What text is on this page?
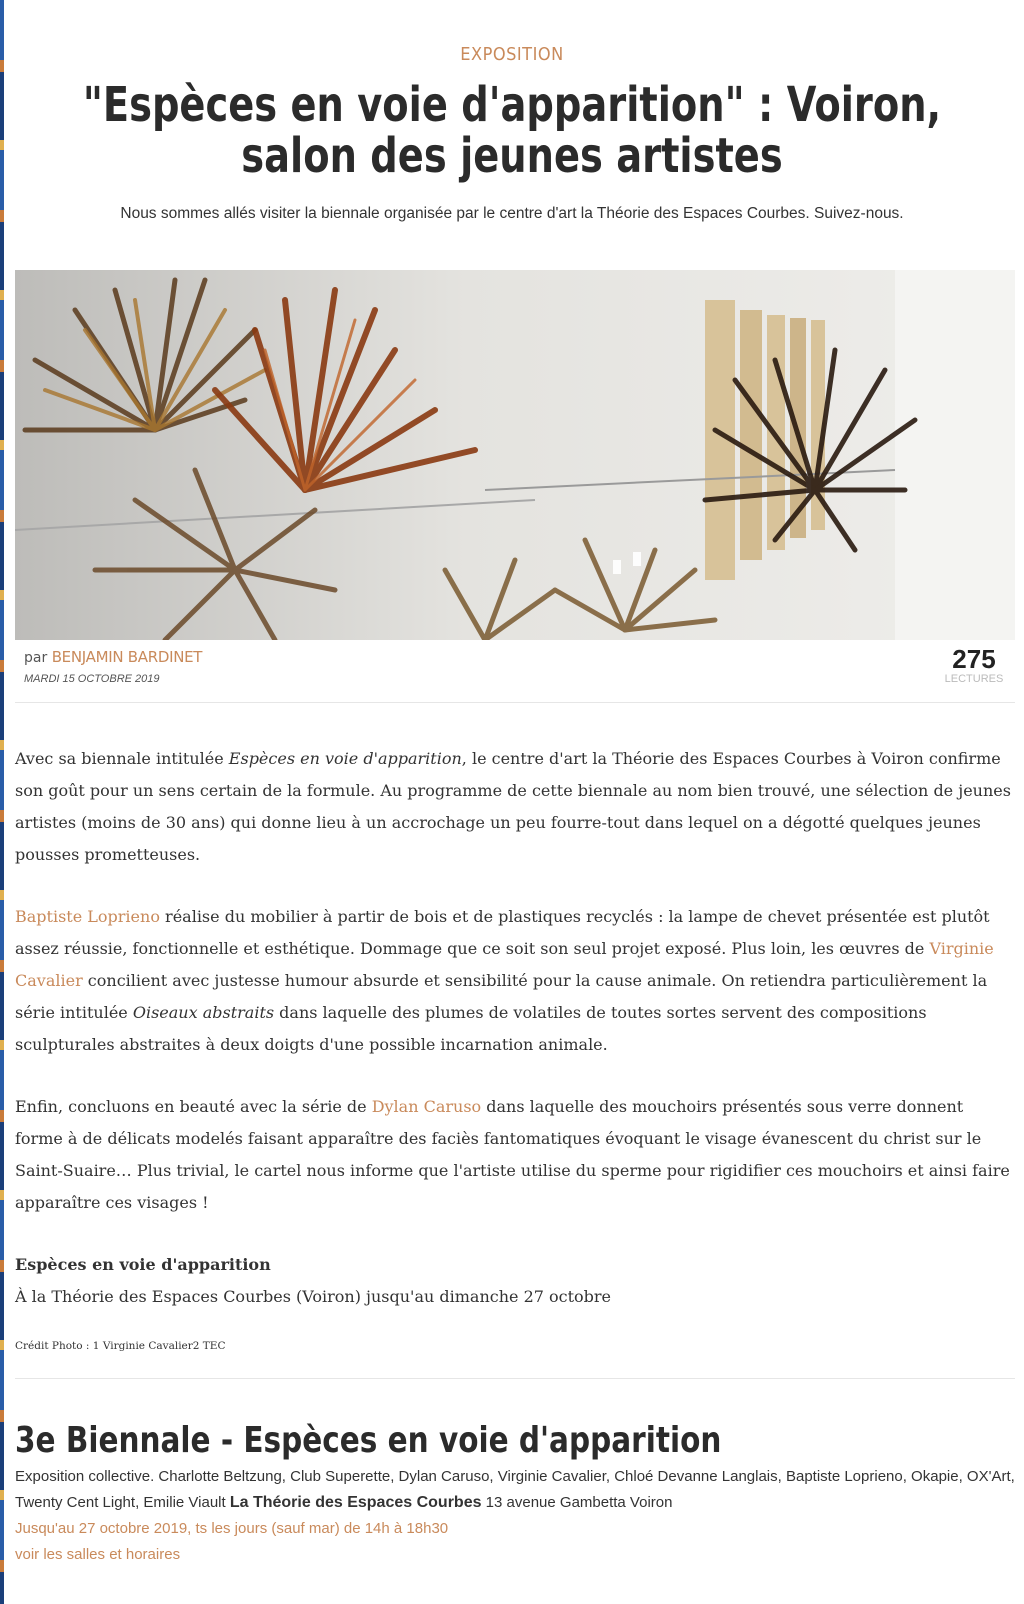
EXPOSITION
"Espèces en voie d'apparition" : Voiron, salon des jeunes artistes
Nous sommes allés visiter la biennale organisée par le centre d'art la Théorie des Espaces Courbes. Suivez-nous.
par BENJAMIN BARDINET
MARDI 15 OCTOBRE 2019
275
LECTURES

Avec sa biennale intitulée Espèces en voie d'apparition, le centre d'art la Théorie des Espaces Courbes à Voiron confirme son goût pour un sens certain de la formule. Au programme de cette biennale au nom bien trouvé, une sélection de jeunes artistes (moins de 30 ans) qui donne lieu à un accrochage un peu fourre-tout dans lequel on a dégotté quelques jeunes pousses prometteuses.

Baptiste Loprieno réalise du mobilier à partir de bois et de plastiques recyclés : la lampe de chevet présentée est plutôt assez réussie, fonctionnelle et esthétique. Dommage que ce soit son seul projet exposé. Plus loin, les œuvres de Virginie Cavalier concilient avec justesse humour absurde et sensibilité pour la cause animale. On retiendra particulièrement la série intitulée Oiseaux abstraits dans laquelle des plumes de volatiles de toutes sortes servent des compositions sculpturales abstraites à deux doigts d'une possible incarnation animale.

Enfin, concluons en beauté avec la série de Dylan Caruso dans laquelle des mouchoirs présentés sous verre donnent forme à de délicats modelés faisant apparaître des faciès fantomatiques évoquant le visage évanescent du christ sur le Saint-Suaire… Plus trivial, le cartel nous informe que l'artiste utilise du sperme pour rigidifier ces mouchoirs et ainsi faire apparaître ces visages !

Espèces en voie d'apparition
À la Théorie des Espaces Courbes (Voiron) jusqu'au dimanche 27 octobre
Crédit Photo : 1 Virginie Cavalier2 TEC
3e Biennale - Espèces en voie d'apparition
Exposition collective. Charlotte Beltzung, Club Superette, Dylan Caruso, Virginie Cavalier, Chloé Devanne Langlais, Baptiste Loprieno, Okapie, OX'Art, Twenty Cent Light, Emilie Viault La Théorie des Espaces Courbes 13 avenue Gambetta Voiron
Jusqu'au 27 octobre 2019, ts les jours (sauf mar) de 14h à 18h30
voir les salles et horaires
